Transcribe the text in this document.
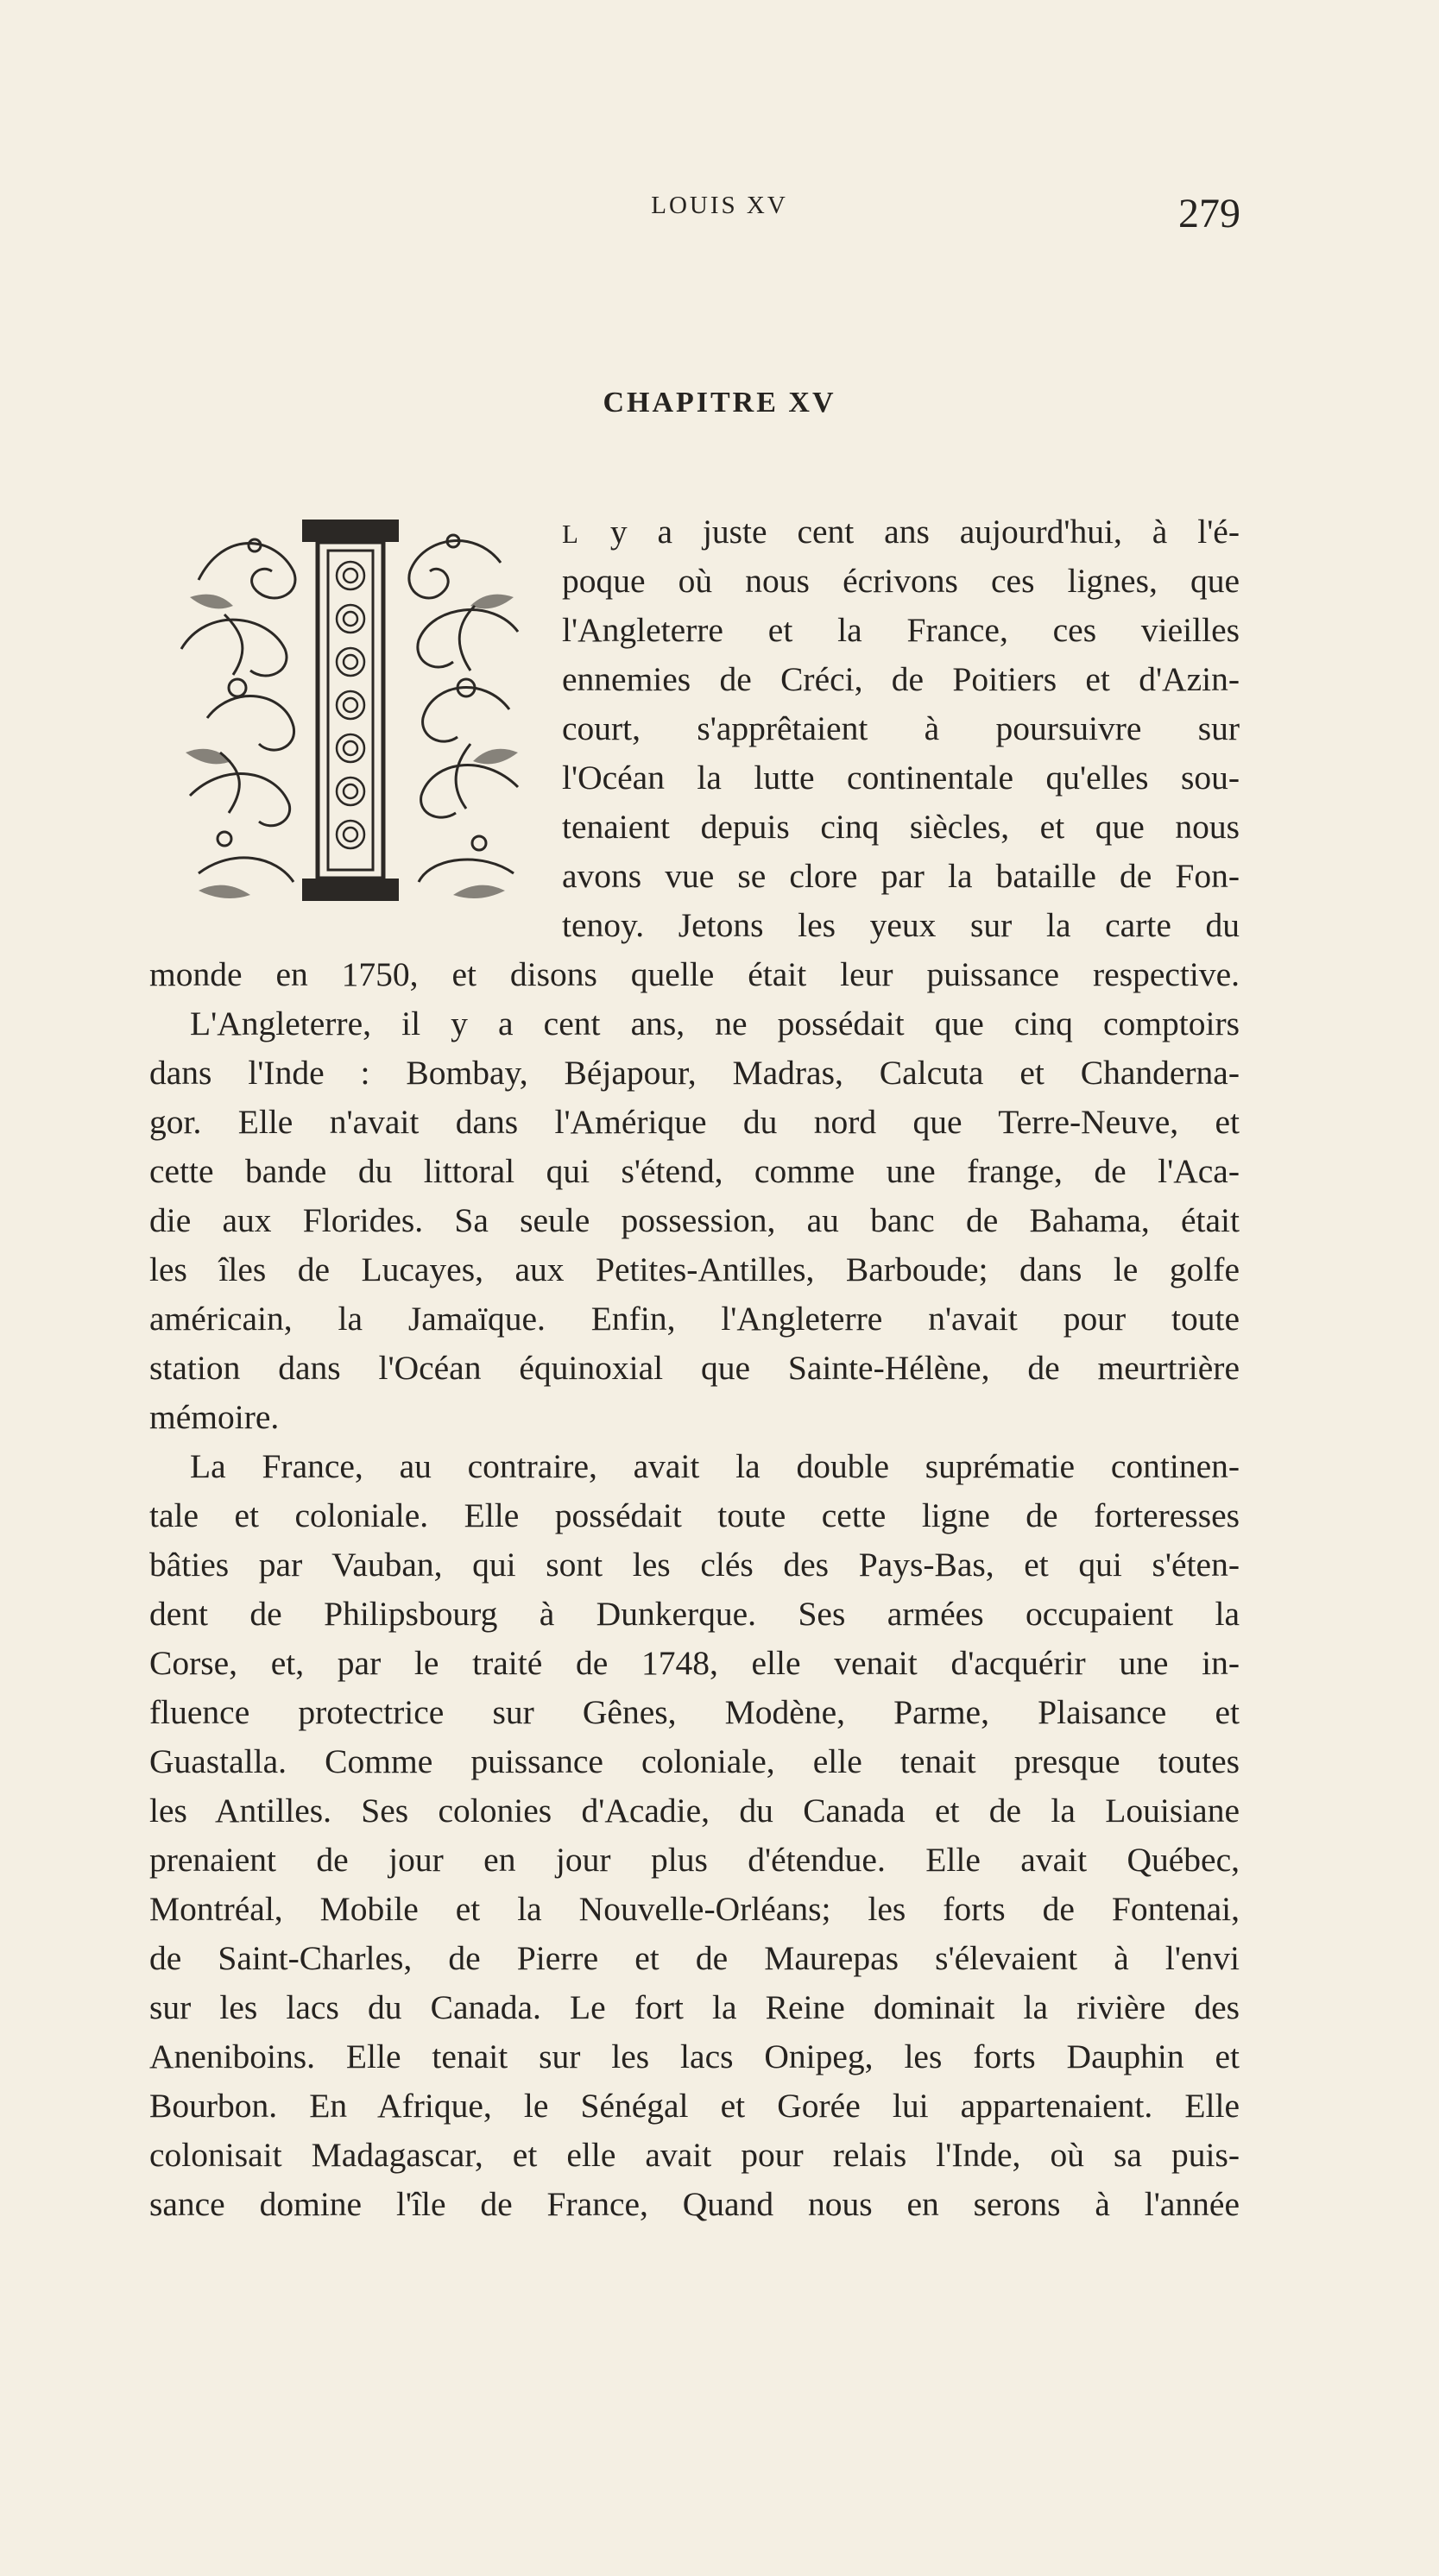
LOUIS XV	279
CHAPITRE XV

L y a juste cent ans aujourd'hui, à l'é-

poque où nous écrivons ces lignes, que

l'Angleterre et la France, ces vieilles

ennemies de Créci, de Poitiers et d'Azin-

court, s'apprêtaient à poursuivre sur

l'Océan la lutte continentale qu'elles sou-

tenaient depuis cinq siècles, et que nous

avons vue se clore par la bataille de Fon-

tenoy. Jetons les yeux sur la carte du

monde en 1750, et disons quelle était leur puissance respective.

L'Angleterre, il y a cent ans, ne possédait que cinq comptoirs

dans l'Inde : Bombay, Béjapour, Madras, Calcuta et Chanderna-

gor. Elle n'avait dans l'Amérique du nord que Terre-Neuve, et

cette bande du littoral qui s'étend, comme une frange, de l'Aca-

die aux Florides. Sa seule possession, au banc de Bahama, était

les îles de Lucayes, aux Petites-Antilles, Barboude; dans le golfe

américain, la Jamaïque. Enfin, l'Angleterre n'avait pour toute

station dans l'Océan équinoxial que Sainte-Hélène, de meurtrière

mémoire.

La France, au contraire, avait la double suprématie continen-

tale et coloniale. Elle possédait toute cette ligne de forteresses

bâties par Vauban, qui sont les clés des Pays-Bas, et qui s'éten-

dent de Philipsbourg à Dunkerque. Ses armées occupaient la

Corse, et, par le traité de 1748, elle venait d'acquérir une in-

fluence protectrice sur Gênes, Modène, Parme, Plaisance et

Guastalla. Comme puissance coloniale, elle tenait presque toutes

les Antilles. Ses colonies d'Acadie, du Canada et de la Louisiane

prenaient de jour en jour plus d'étendue. Elle avait Québec,

Montréal, Mobile et la Nouvelle-Orléans; les forts de Fontenai,

de Saint-Charles, de Pierre et de Maurepas s'élevaient à l'envi

sur les lacs du Canada. Le fort la Reine dominait la rivière des

Aneniboins. Elle tenait sur les lacs Onipeg, les forts Dauphin et

Bourbon. En Afrique, le Sénégal et Gorée lui appartenaient. Elle

colonisait Madagascar, et elle avait pour relais l'Inde, où sa puis-

sance domine l'île de France, Quand nous en serons à l'année
